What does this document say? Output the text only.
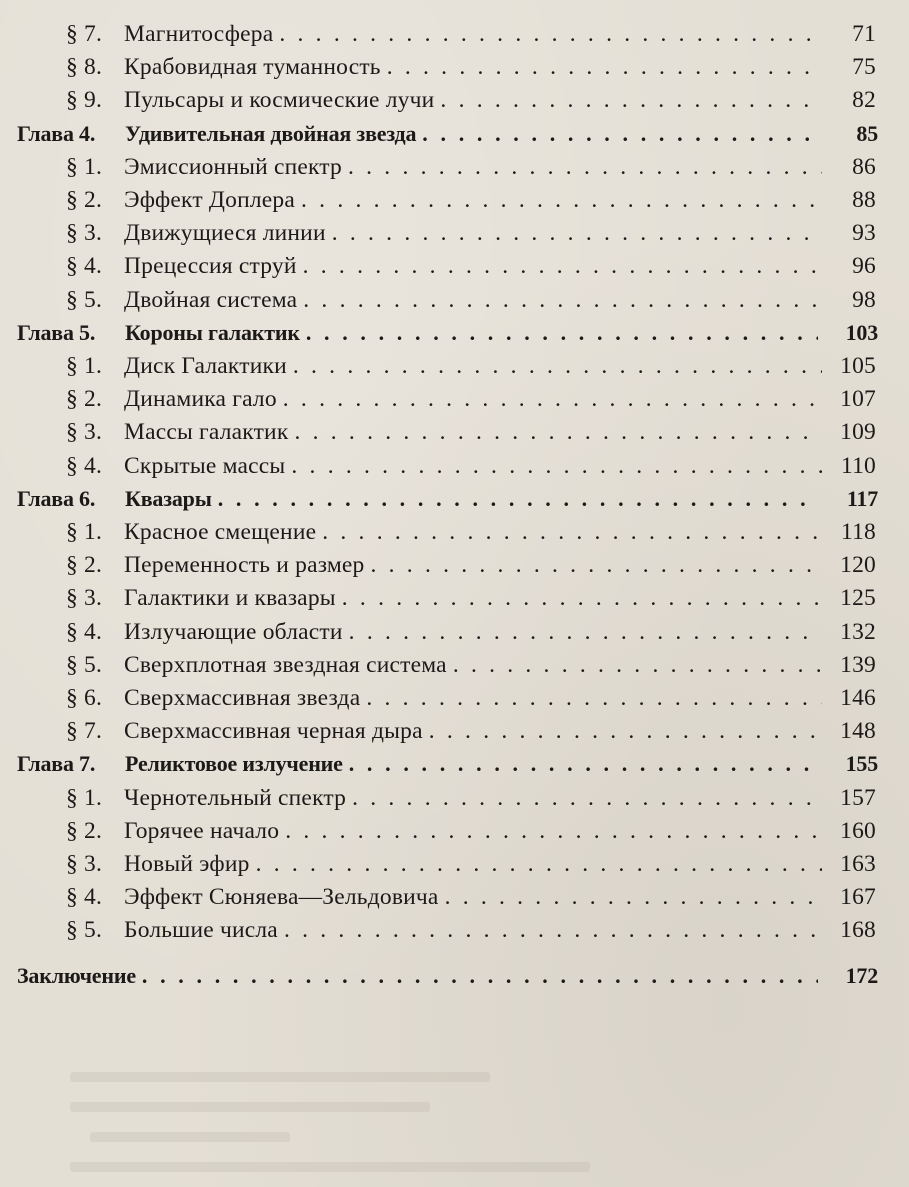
§ 7. Магнитосфера . . .	71
§ 8. Крабовидная туманность . . .	75
§ 9. Пульсары и космические лучи . . .	82
Глава 4.	Удивительная двойная звезда . . .	85
§ 1. Эмиссионный спектр . . .	86
§ 2. Эффект Доплера . . .	88
§ 3. Движущиеся линии . . .	93
§ 4. Прецессия струй . . .	96
§ 5. Двойная система . . .	98
Глава 5.	Короны галактик . . .	103
§ 1. Диск Галактики . . .	105
§ 2. Динамика гало . . .	107
§ 3. Массы галактик . . .	109
§ 4. Скрытые массы . . .	110
Глава 6.	Квазары . . .	117
§ 1. Красное смещение . . .	118
§ 2. Переменность и размер . . .	120
§ 3. Галактики и квазары . . .	125
§ 4. Излучающие области . . .	132
§ 5. Сверхплотная звездная система . . .	139
§ 6. Сверхмассивная звезда . . .	146
§ 7. Сверхмассивная черная дыра . . .	148
Глава 7.	Реликтовое излучение . . .	155
§ 1. Чернотельный спектр . . .	157
§ 2. Горячее начало . . .	160
§ 3. Новый эфир . . .	163
§ 4. Эффект Сюняева—Зельдовича . . .	167
§ 5. Большие числа . . .	168
Заключение . . .	172
